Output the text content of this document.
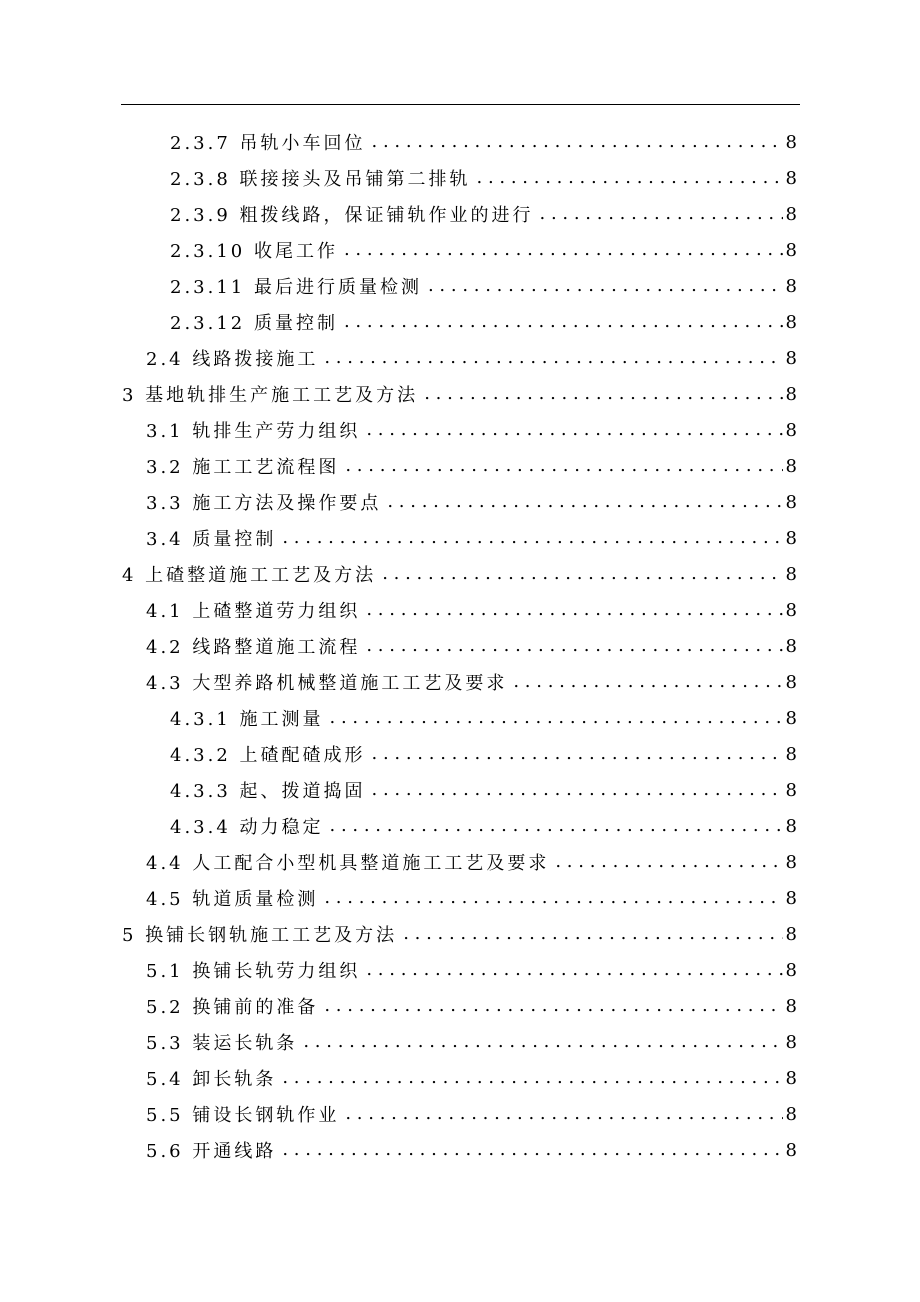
2.3.7 吊轨小车回位 . . .	8
2.3.8 联接接头及吊铺第二排轨 . . .	8
2.3.9 粗拨线路，保证铺轨作业的进行 . . .	8
2.3.10 收尾工作 . . .	8
2.3.11 最后进行质量检测 . . .	8
2.3.12 质量控制 . . .	8
2.4 线路拨接施工 . . .	8
3 基地轨排生产施工工艺及方法 . . .	8
3.1 轨排生产劳力组织 . . .	8
3.2 施工工艺流程图 . . .	8
3.3 施工方法及操作要点 . . .	8
3.4 质量控制 . . .	8
4 上碴整道施工工艺及方法 . . .	8
4.1 上碴整道劳力组织 . . .	8
4.2 线路整道施工流程 . . .	8
4.3 大型养路机械整道施工工艺及要求 . . .	8
4.3.1 施工测量 . . .	8
4.3.2 上碴配碴成形 . . .	8
4.3.3 起、拨道捣固 . . .	8
4.3.4 动力稳定 . . .	8
4.4 人工配合小型机具整道施工工艺及要求 . . .	8
4.5 轨道质量检测 . . .	8
5 换铺长钢轨施工工艺及方法 . . .	8
5.1 换铺长轨劳力组织 . . .	8
5.2 换铺前的准备 . . .	8
5.3 装运长轨条 . . .	8
5.4 卸长轨条 . . .	8
5.5 铺设长钢轨作业 . . .	8
5.6 开通线路 . . .	8
